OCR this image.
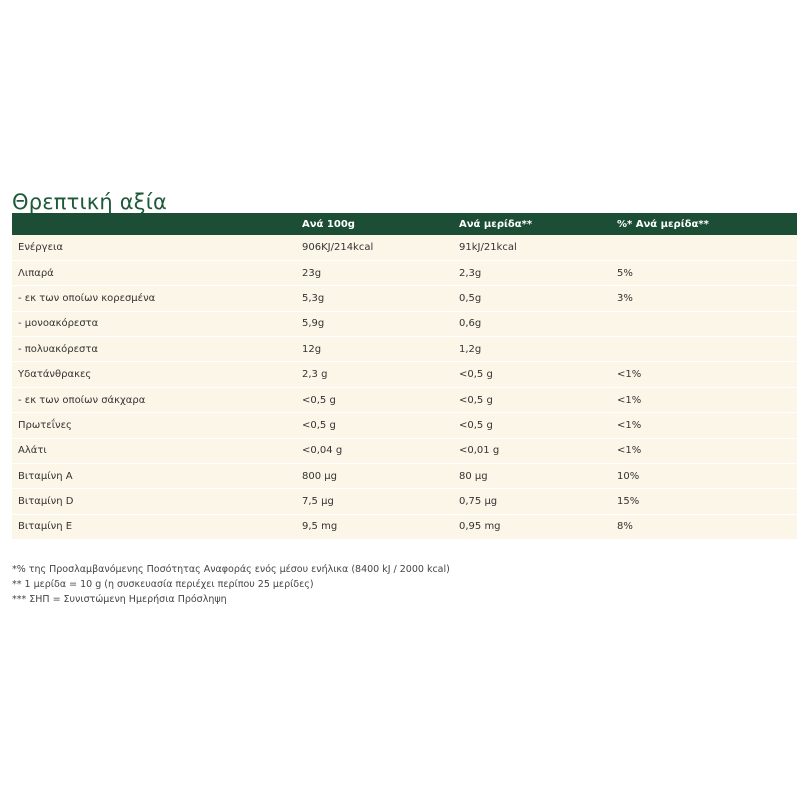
Θρεπτική αξία
	Ανά 100g	Ανά μερίδα**	%* Ανά μερίδα**
Ενέργεια	906KJ/214kcal	91kJ/21kcal	
Λιπαρά	23g	2,3g	5%
- εκ των οποίων κορεσμένα	5,3g	0,5g	3%
- μονοακόρεστα	5,9g	0,6g	
- πολυακόρεστα	12g	1,2g	
Υδατάνθρακες	2,3 g	<0,5 g	<1%
- εκ των οποίων σάκχαρα	<0,5 g	<0,5 g	<1%
Πρωτεΐνες	<0,5 g	<0,5 g	<1%
Αλάτι	<0,04 g	<0,01 g	<1%
Βιταμίνη Α	800 μg	80 μg	10%
Βιταμίνη D	7,5 μg	0,75 μg	15%
Βιταμίνη Ε	9,5 mg	0,95 mg	8%
*% της Προσλαμβανόμενης Ποσότητας Αναφοράς ενός μέσου ενήλικα (8400 kJ / 2000 kcal)
** 1 μερίδα = 10 g (η συσκευασία περιέχει περίπου 25 μερίδες)
*** ΣΗΠ = Συνιστώμενη Ημερήσια Πρόσληψη
